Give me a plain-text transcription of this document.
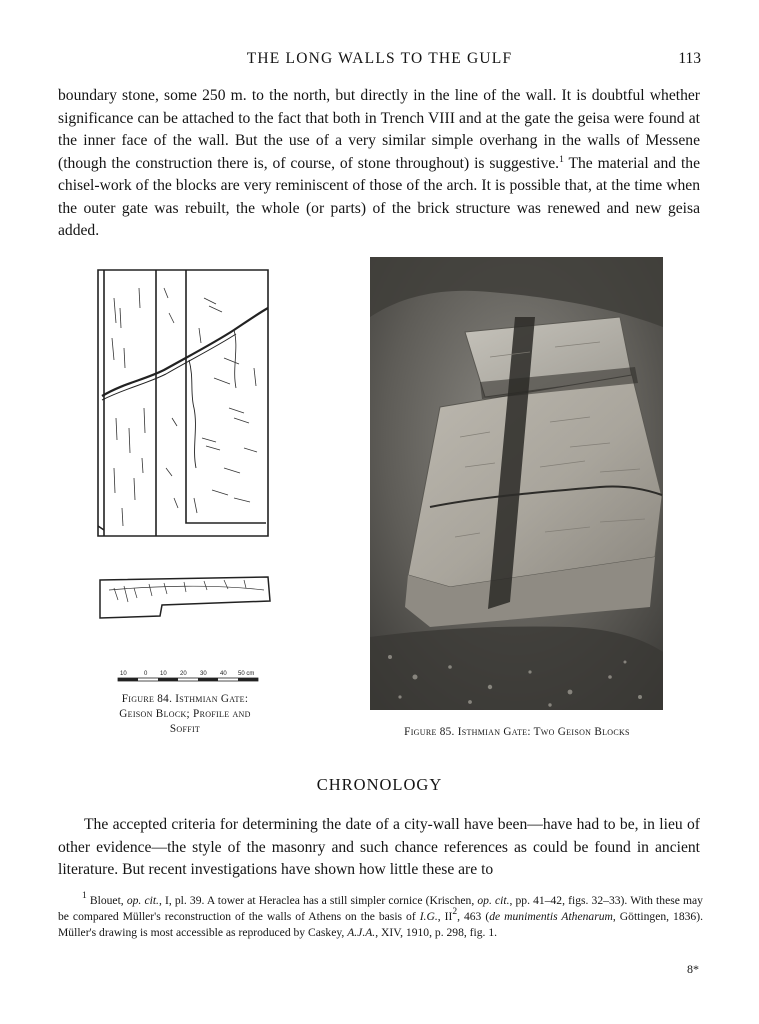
THE LONG WALLS TO THE GULF	113

boundary stone, some 250 m. to the north, but directly in the line of the wall. It is doubtful whether significance can be attached to the fact that both in Trench VIII and at the gate the geisa were found at the inner face of the wall. But the use of a very similar simple overhang in the walls of Messene (though the construction there is, of course, of stone throughout) is suggestive.$^1$ The material and the chisel-work of the blocks are very reminiscent of those of the arch. It is possible that, at the time when the outer gate was rebuilt, the whole (or parts) of the brick structure was renewed and new geisa added.

10	0 10 20 30 40 50 cm
Figure 84. Isthmian Gate:
Geison Block; Profile and
Soffit	Figure 85. Isthmian Gate: Two Geison Blocks
CHRONOLOGY

The accepted criteria for determining the date of a city-wall have been—have had to be, in lieu of other evidence—the style of the masonry and such chance references as could be found in ancient literature. But recent investigations have shown how little these are to

$^1$ Blouet, op. cit., I, pl. 39. A tower at Heraclea has a still simpler cornice (Krischen, op. cit., pp. 41–42, figs. 32–33). With these may be compared Müller's reconstruction of the walls of Athens on the basis of I.G., $II^2$, 463 (de munimentis Athenarum, Göttingen, 1836). Müller's drawing is most accessible as reproduced by Caskey, A.J.A., XIV, 1910, p. 298, fig. 1.

8*
